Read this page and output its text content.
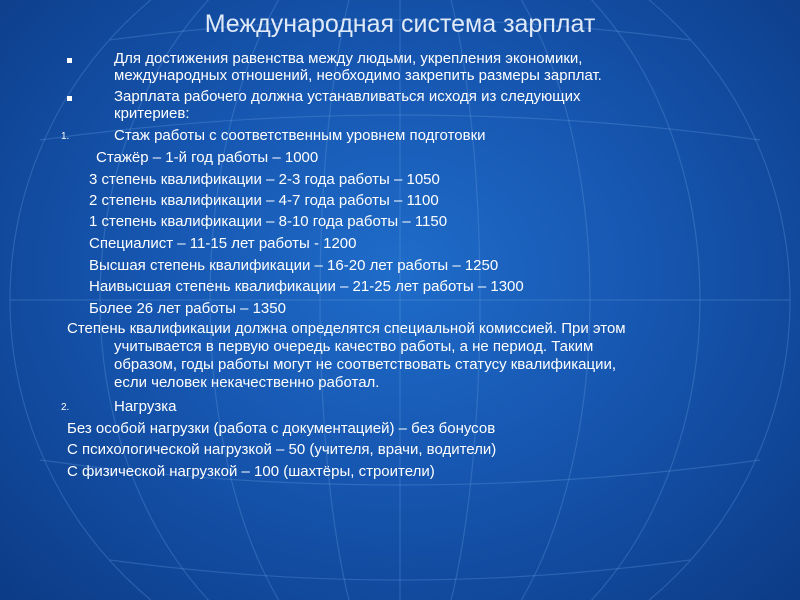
Международная система зарплат
Для достижения равенства между людьми, укрепления экономики,
международных отношений, необходимо закрепить размеры зарплат.
Зарплата рабочего должна устанавливаться исходя из следующих
критериев:
1.	Стаж работы с соответственным уровнем подготовки
Стажёр – 1-й год работы – 1000
3 степень квалификации – 2-3 года работы – 1050
2 степень квалификации – 4-7 года работы – 1100
1 степень квалификации – 8-10 года работы – 1150
Специалист – 11-15 лет работы - 1200
Высшая степень квалификации – 16-20 лет работы – 1250
Наивысшая степень квалификации – 21-25 лет работы – 1300
Более 26 лет работы – 1350
Степень квалификации должна определятся специальной комиссией. При этом
учитывается в первую очередь качество работы, а не период. Таким
образом, годы работы могут не соответствовать статусу квалификации,
если человек некачественно работал.
2.	Нагрузка
Без особой нагрузки (работа с документацией) – без бонусов
С психологической нагрузкой – 50 (учителя, врачи, водители)
С физической нагрузкой – 100 (шахтёры, строители)
